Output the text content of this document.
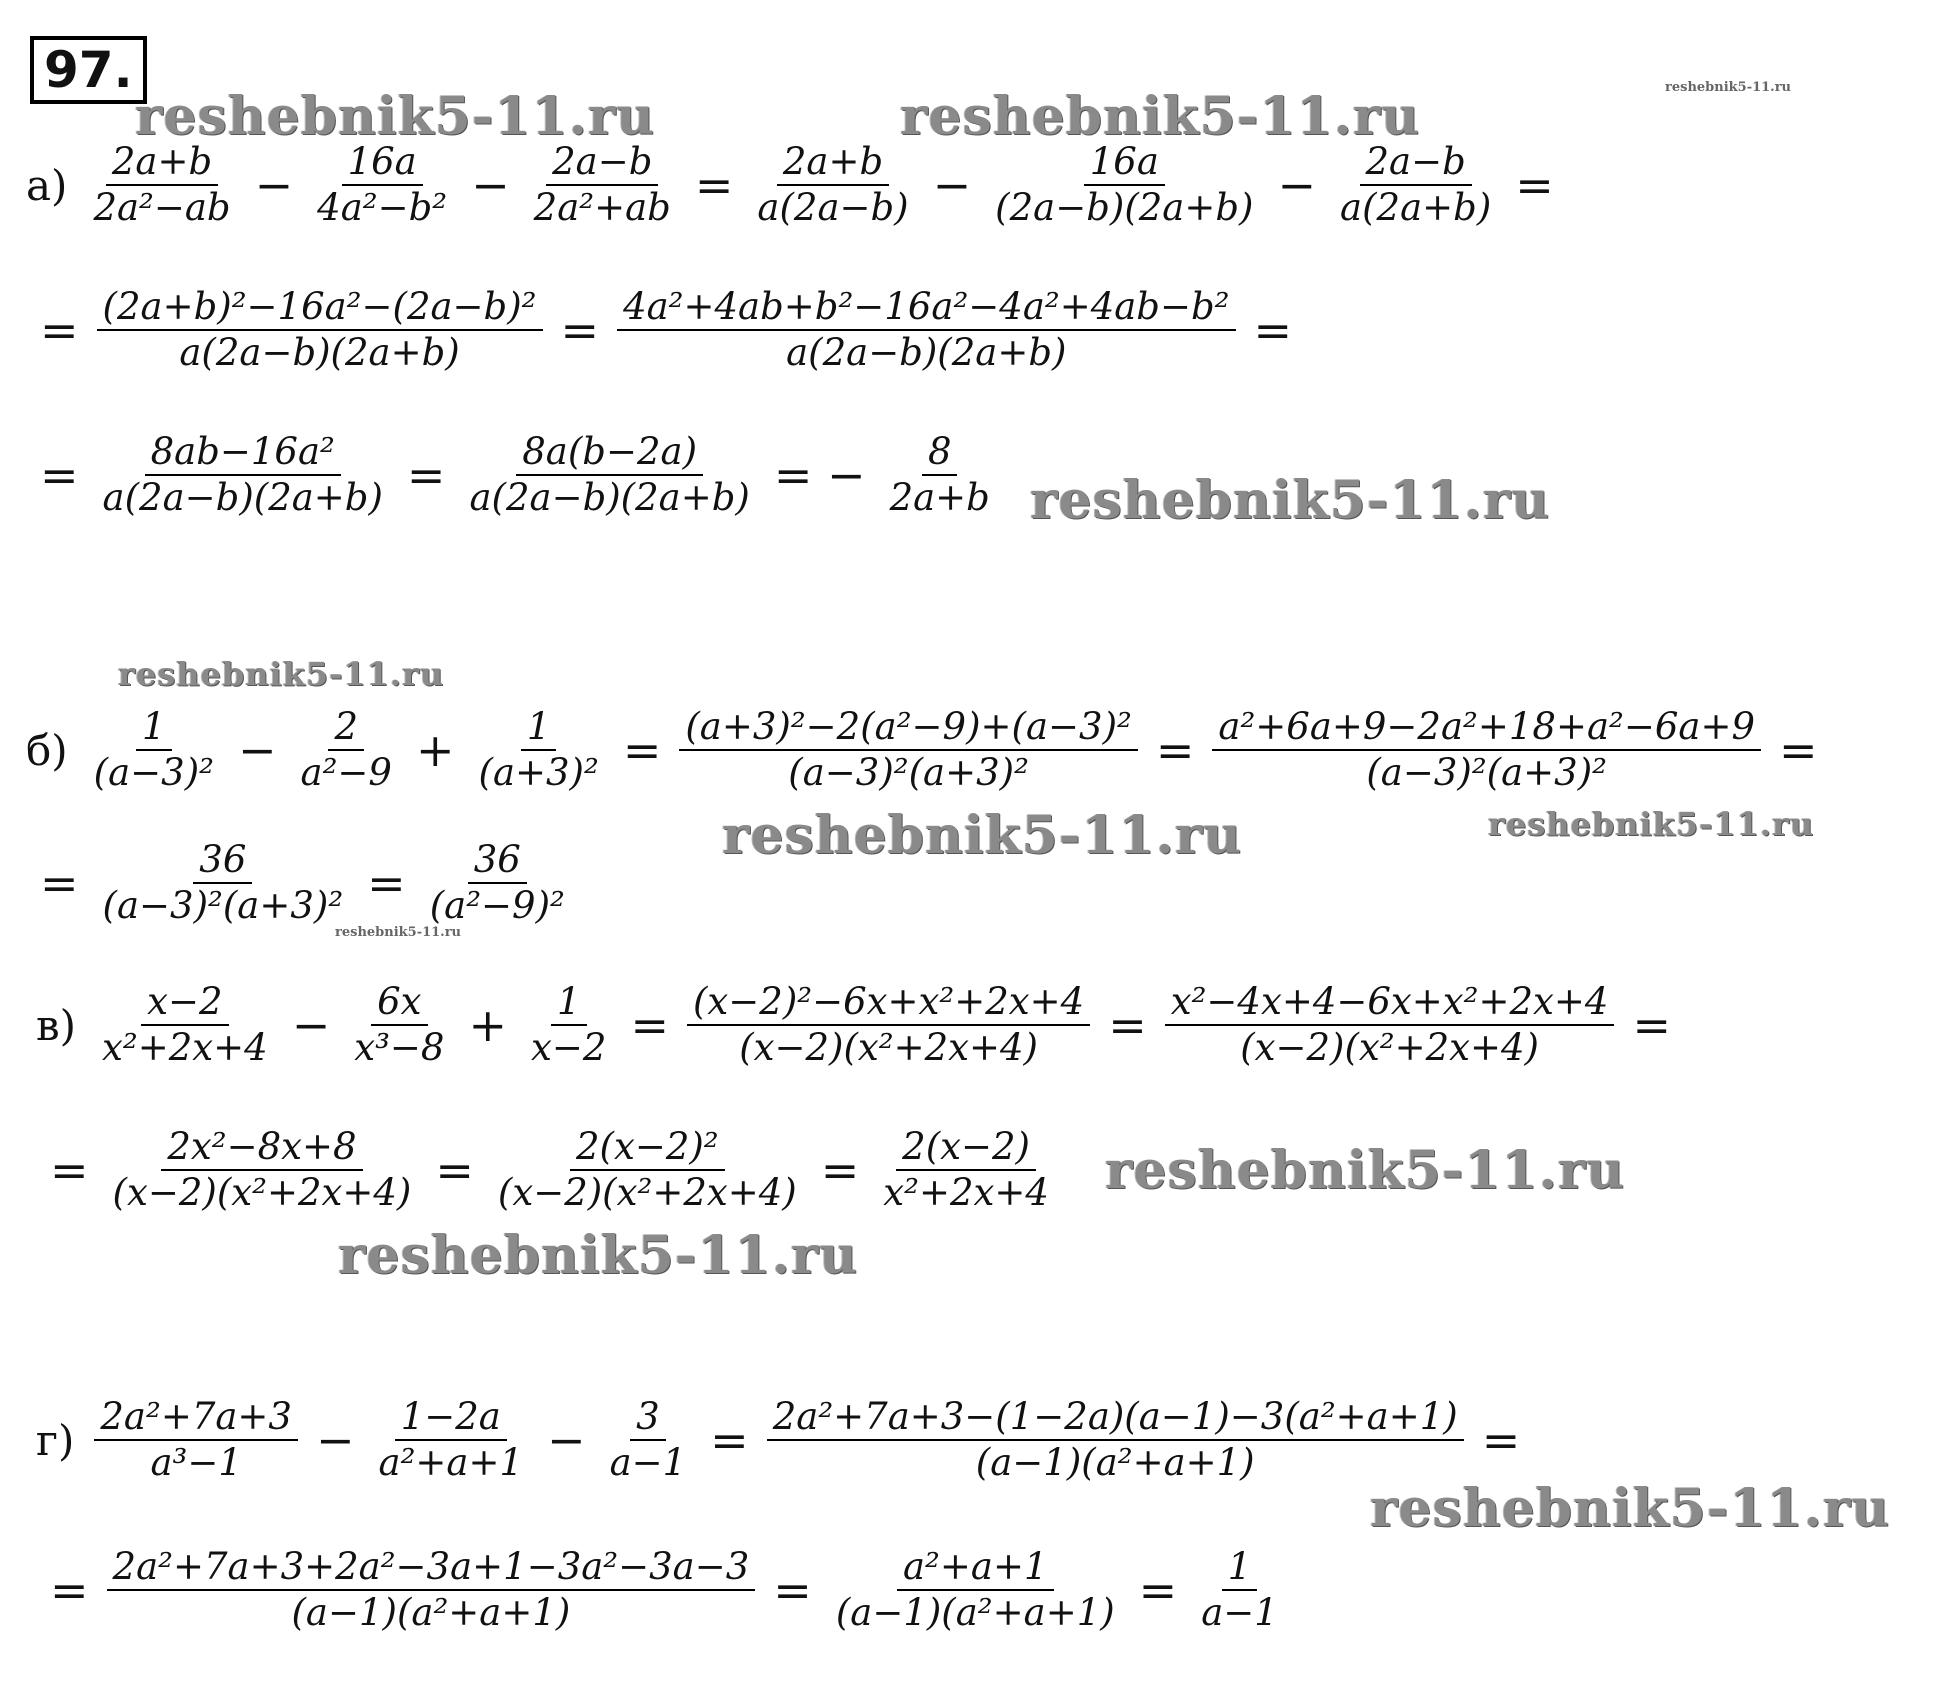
97.
reshebnik5-11.ru	reshebnik5-11.ru	reshebnik5-11.ru
reshebnik5-11.ru
reshebnik5-11.ru
reshebnik5-11.ru	reshebnik5-11.ru
reshebnik5-11.ru
reshebnik5-11.ru
reshebnik5-11.ru
reshebnik5-11.ru
$а) \frac{2a+b}{\text{2a²−ab}} - \frac{16a}{\text{4a²−b²}} - \frac{2a-b}{\text{2a²+ab}} = \frac{2a+b}{a(2a-b)} - \frac{16a}{(2a-b)(2a+b)} - \frac{2a-b}{a(2a+b)}$ =
= $\frac{\text{(2a+b)²−16a²−(2a−b)²}}{a(2a-b)(2a+b)} = \frac{\text{4a²+4ab+b²−16a²−4a²+4ab−b²}}{a(2a-b)(2a+b)}$ =
= $\frac{\text{8ab−16a²}}{a(2a-b)(2a+b)} = \frac{8a(b-2a)}{a(2a-b)(2a+b)}$ = − $\frac{8}{2a+b}$
$б) \frac{1}{\text{(a−3)²}} - \frac{2}{\text{a²−9}} + \frac{1}{\text{(a+3)²}} = \frac{\text{(a+3)²−2(a²−9)+(a−3)²}}{\text{(a−3)²(a+3)²}} = \frac{\text{a²+6a+9−2a²+18+a²−6a+9}}{\text{(a−3)²(a+3)²}}$ =
= $\frac{36}{\text{(a−3)²(a+3)²}} = \frac{36}{\text{(a²−9)²}}$
$в) \frac{x-2}{\text{x²+2x+4}} - \frac{6x}{\text{x³−8}} + \frac{1}{x-2} = \frac{\text{(x−2)²−6x+x²+2x+4}}{\text{(x−2)(x²+2x+4)}} = \frac{\text{x²−4x+4−6x+x²+2x+4}}{\text{(x−2)(x²+2x+4)}}$ =
= $\frac{\text{2x²−8x+8}}{\text{(x−2)(x²+2x+4)}} = \frac{\text{2(x−2)²}}{\text{(x−2)(x²+2x+4)}} = \frac{2(x-2)}{\text{x²+2x+4}}$
$г) \frac{\text{2a²+7a+3}}{\text{a³−1}} - \frac{1-2a}{\text{a²+a+1}} - \frac{3}{a-1} = \frac{\text{2a²+7a+3−(1−2a)(a−1)−3(a²+a+1)}}{\text{(a−1)(a²+a+1)}}$ =
= $\frac{\text{2a²+7a+3+2a²−3a+1−3a²−3a−3}}{\text{(a−1)(a²+a+1)}} = \frac{\text{a²+a+1}}{\text{(a−1)(a²+a+1)}} = \frac{1}{a-1}$
